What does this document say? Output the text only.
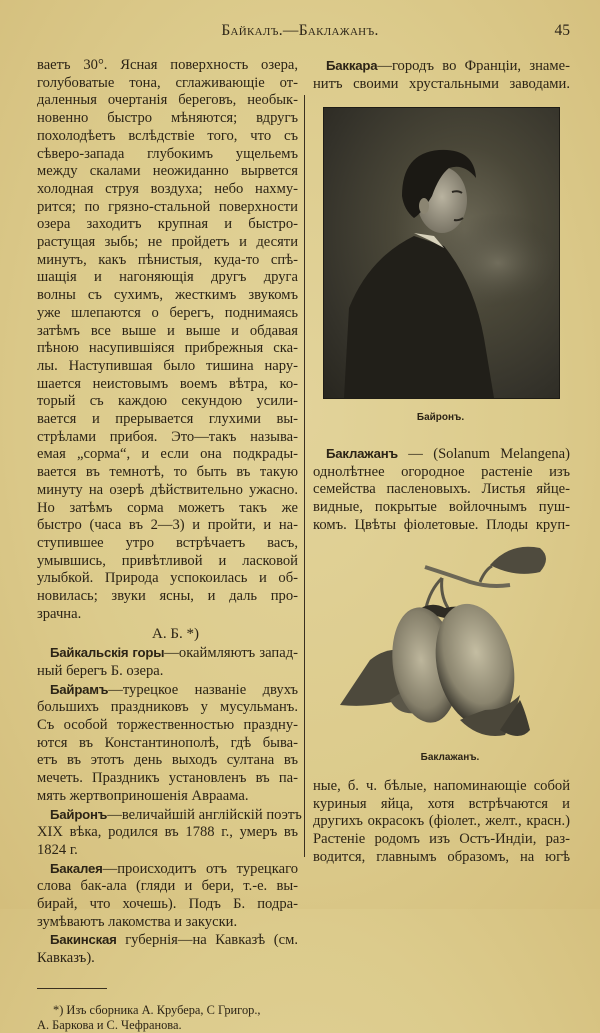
Байкалъ.—Баклажанъ.	45
ваетъ 30°. Ясная поверхность озера,
голубоватые тона, сглаживающіе от-
даленныя очертанія береговъ, необык-
новенно быстро мѣняются; вдругъ
похолодѣетъ вслѣдствіе того, что съ
сѣверо-запада глубокимъ ущельемъ
между скалами неожиданно вырвется
холодная струя воздуха; небо нахму-
рится; по грязно-стальной поверхности
озера заходитъ крупная и быстро-
растущая зыбь; не пройдетъ и десяти
минутъ, какъ пѣнистыя, куда-то спѣ-
шащія и нагоняющія другъ друга
волны съ сухимъ, жесткимъ звукомъ
уже шлепаются о берегъ, поднимаясь
затѣмъ все выше и выше и обдавая
пѣною насупившіяся прибрежныя ска-
лы. Наступившая было тишина нару-
шается неистовымъ воемъ вѣтра, ко-
торый съ каждою секундою усили-
вается и прерывается глухими вы-
стрѣлами прибоя. Это—такъ называ-
емая „сорма“, и если она подкрады-
вается въ темнотѣ, то быть въ такую
минуту на озерѣ дѣйствительно ужасно.
Но затѣмъ сорма можетъ такъ же
быстро (часа въ 2—3) и пройти, и на-
ступившее утро встрѣчаетъ васъ,
умывшись, привѣтливой и ласковой
улыбкой. Природа успокоилась и об-
новилась; звуки ясны, и даль про-
зрачна.
А. Б. *)
Байкальскія горы—окаймляютъ запад-
ный берегъ Б. озера.
Байрамъ—турецкое названіе двухъ
большихъ праздниковъ у мусульманъ.
Съ особой торжественностью праздну-
ются въ Константинополѣ, гдѣ быва-
етъ въ этотъ день выходъ султана въ
мечеть. Праздникъ установленъ въ па-
мять жертвоприношенія Авраама.
Байронъ—величайшій англійскій поэтъ
XIX вѣка, родился въ 1788 г., умеръ въ
1824 г.
Бакалея—происходитъ отъ турецкаго
слова бак-ала (гляди и бери, т.-е. вы-
бирай, что хочешь). Подъ Б. подра-
зумѣваютъ лакомства и закуски.
Бакинская губернія—на Кавказѣ (см.
Кавказъ).
*) Изъ сборника А. Крубера, С Григор.,
А. Баркова и С. Чефранова.
Баккара—городъ во Франціи, знаме-
нитъ своими хрустальными заводами.
Байронъ.
Баклажанъ — (Solanum Melangena)
однолѣтнее огородное растеніе изъ
семейства пасленовыхъ. Листья яйце-
видные, покрытые войлочнымъ пуш-
комъ. Цвѣты фіолетовые. Плоды круп-
Баклажанъ.
ные, б. ч. бѣлые, напоминающіе собой
куриныя яйца, хотя встрѣчаются и
другихъ окрасокъ (фіолет., желт., красн.)
Растеніе родомъ изъ Остъ-Индіи, раз-
водится, главнымъ образомъ, на югѣ
